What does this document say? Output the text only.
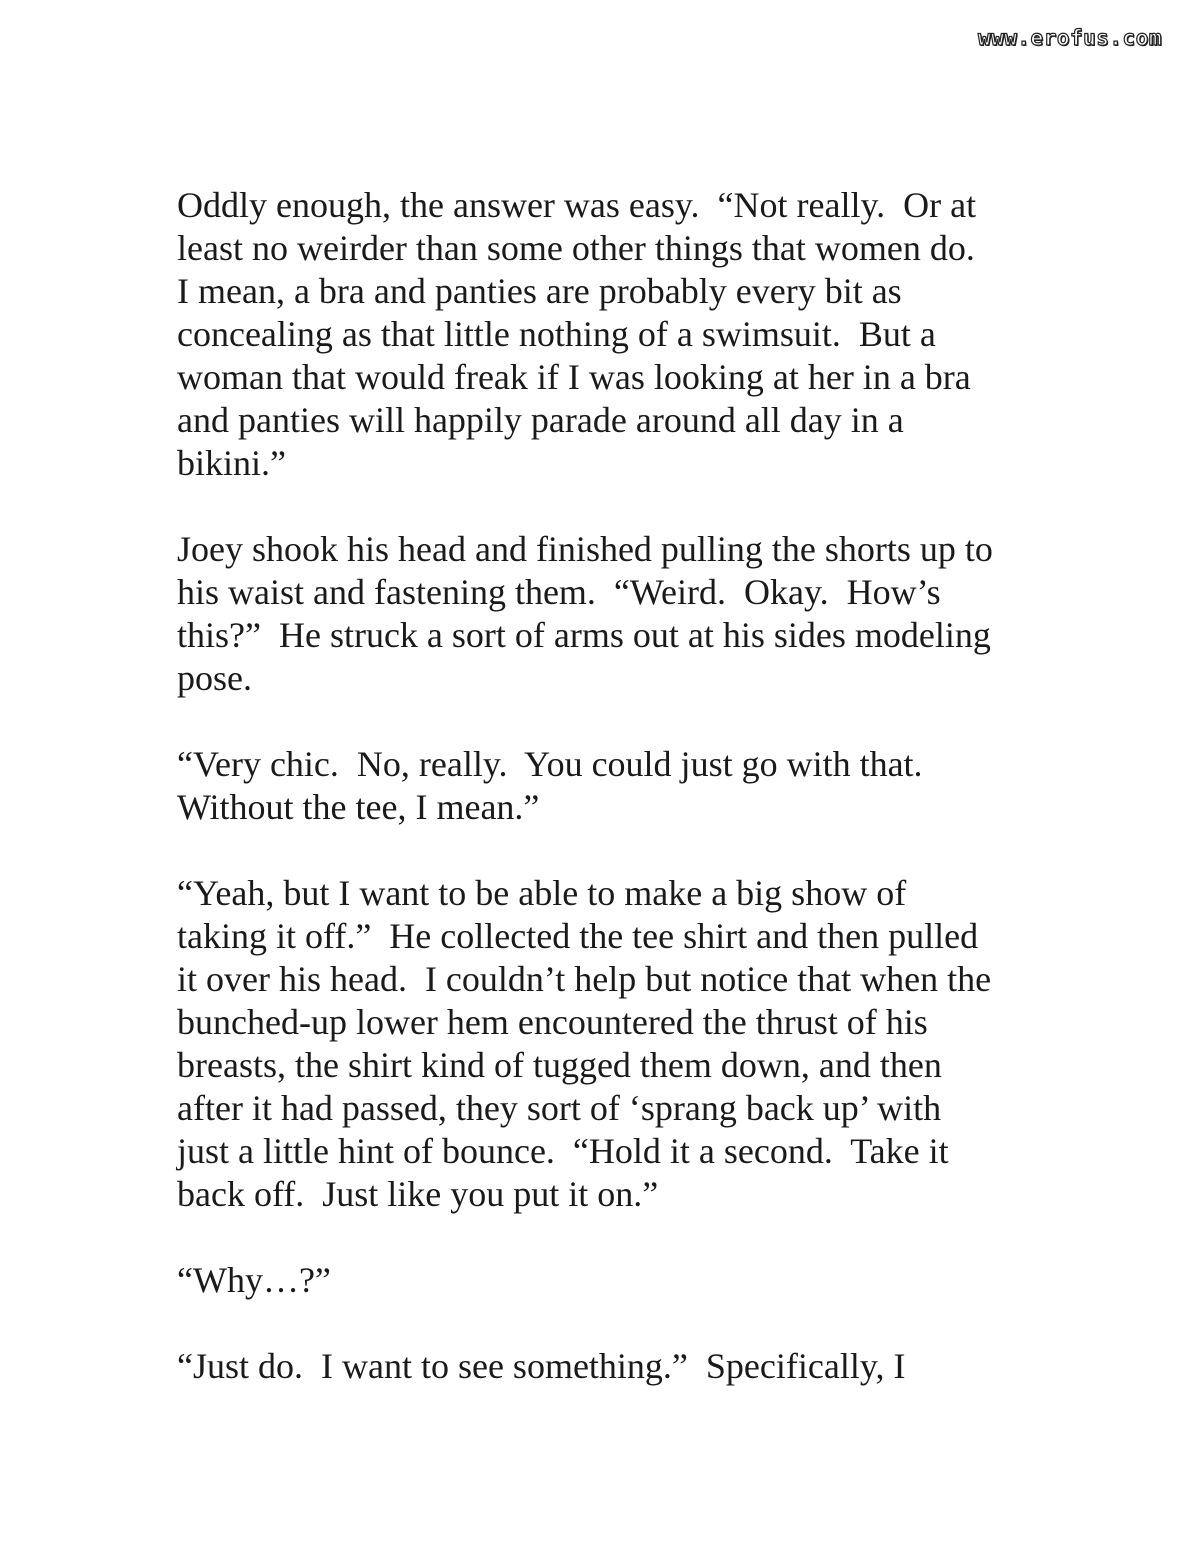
www.erofus.com

Oddly enough, the answer was easy.  “Not really.  Or at
least no weirder than some other things that women do.
I mean, a bra and panties are probably every bit as
concealing as that little nothing of a swimsuit.  But a
woman that would freak if I was looking at her in a bra
and panties will happily parade around all day in a
bikini.”

Joey shook his head and finished pulling the shorts up to
his waist and fastening them.  “Weird.  Okay.  How’s
this?”  He struck a sort of arms out at his sides modeling
pose.

“Very chic.  No, really.  You could just go with that.
Without the tee, I mean.”

“Yeah, but I want to be able to make a big show of
taking it off.”  He collected the tee shirt and then pulled
it over his head.  I couldn’t help but notice that when the
bunched-up lower hem encountered the thrust of his
breasts, the shirt kind of tugged them down, and then
after it had passed, they sort of ‘sprang back up’ with
just a little hint of bounce.  “Hold it a second.  Take it
back off.  Just like you put it on.”

“Why…?”

“Just do.  I want to see something.”  Specifically, I
